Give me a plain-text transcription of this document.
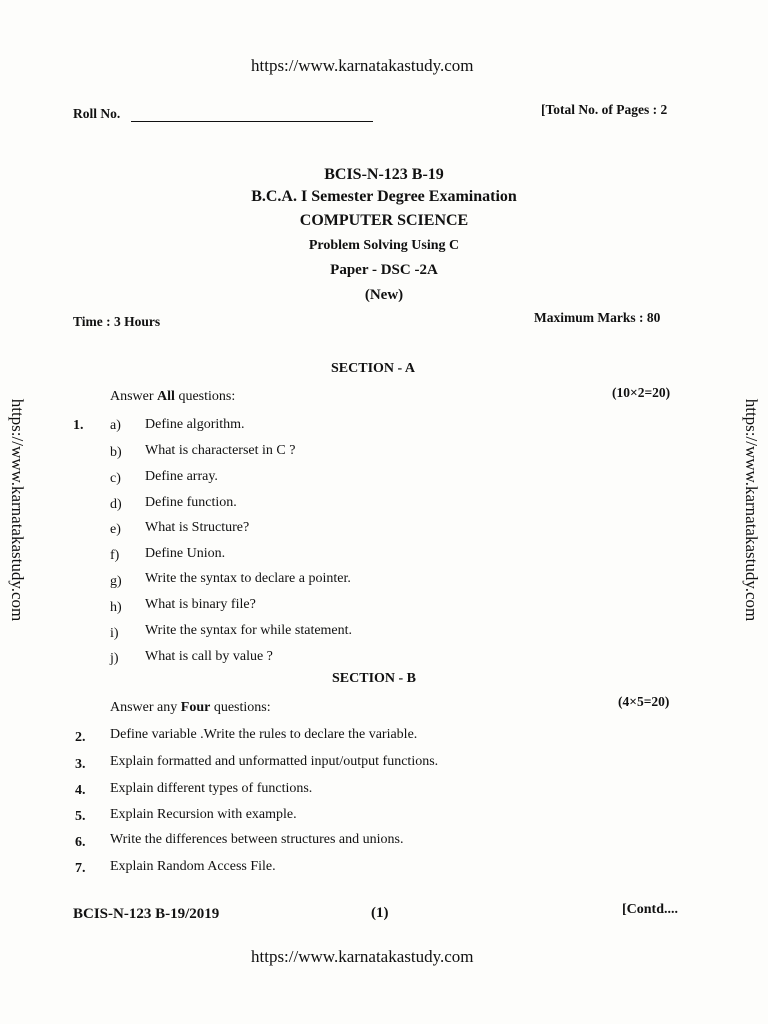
https://www.karnatakastudy.com
https://www.karnatakastudy.com	https://www.karnatakastudy.com
Roll No.	[Total No. of Pages : 2
BCIS-N-123 B-19
B.C.A. I Semester Degree Examination
COMPUTER SCIENCE
Problem Solving Using C
Paper - DSC -2A
(New)
Time : 3 Hours	Maximum Marks : 80
SECTION - A
Answer All questions:	(10×2=20)
1. a) Define algorithm.
b) What is characterset in C ?
c) Define array.
d) Define function.
e) What is Structure?
f) Define Union.
g) Write the syntax to declare a pointer.
h) What is binary file?
i) Write the syntax for while statement.
j) What is call by value ?
SECTION - B
Answer any Four questions:	(4×5=20)
2. Define variable .Write the rules to declare the variable.
3. Explain formatted and unformatted input/output functions.
4. Explain different types of functions.
5. Explain Recursion with example.
6. Write the differences between structures and unions.
7. Explain Random Access File.
BCIS-N-123 B-19/2019	(1)	[Contd....
https://www.karnatakastudy.com
